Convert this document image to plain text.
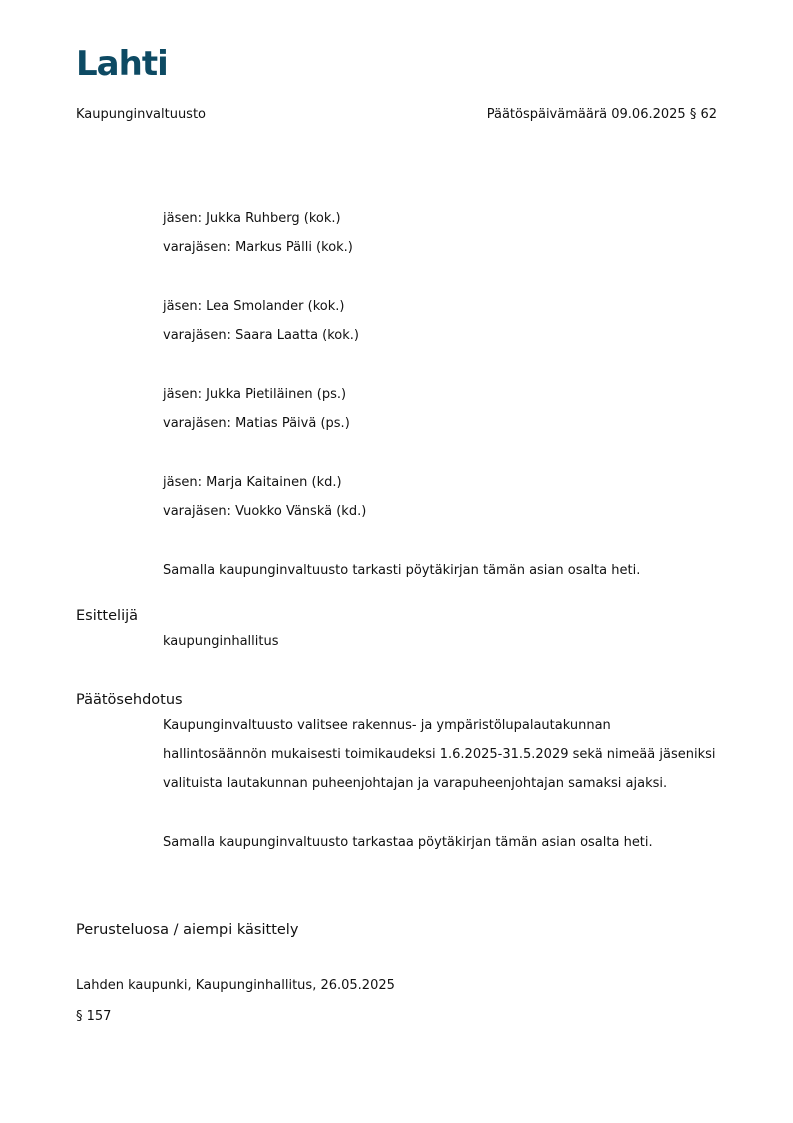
Lahti
Kaupunginvaltuusto	Päätöspäivämäärä 09.06.2025 § 62
jäsen: Jukka Ruhberg (kok.)
varajäsen: Markus Pälli (kok.)
jäsen: Lea Smolander (kok.)
varajäsen: Saara Laatta (kok.)
jäsen: Jukka Pietiläinen (ps.)
varajäsen: Matias Päivä (ps.)
jäsen: Marja Kaitainen (kd.)
varajäsen: Vuokko Vänskä (kd.)
Samalla kaupunginvaltuusto tarkasti pöytäkirjan tämän asian osalta heti.
Esittelijä
kaupunginhallitus
Päätösehdotus
Kaupunginvaltuusto valitsee rakennus- ja ympäristölupalautakunnan
hallintosäännön mukaisesti toimikaudeksi 1.6.2025-31.5.2029 sekä nimeää jäseniksi
valituista lautakunnan puheenjohtajan ja varapuheenjohtajan samaksi ajaksi.
Samalla kaupunginvaltuusto tarkastaa pöytäkirjan tämän asian osalta heti.
Perusteluosa / aiempi käsittely
Lahden kaupunki, Kaupunginhallitus, 26.05.2025
§ 157
